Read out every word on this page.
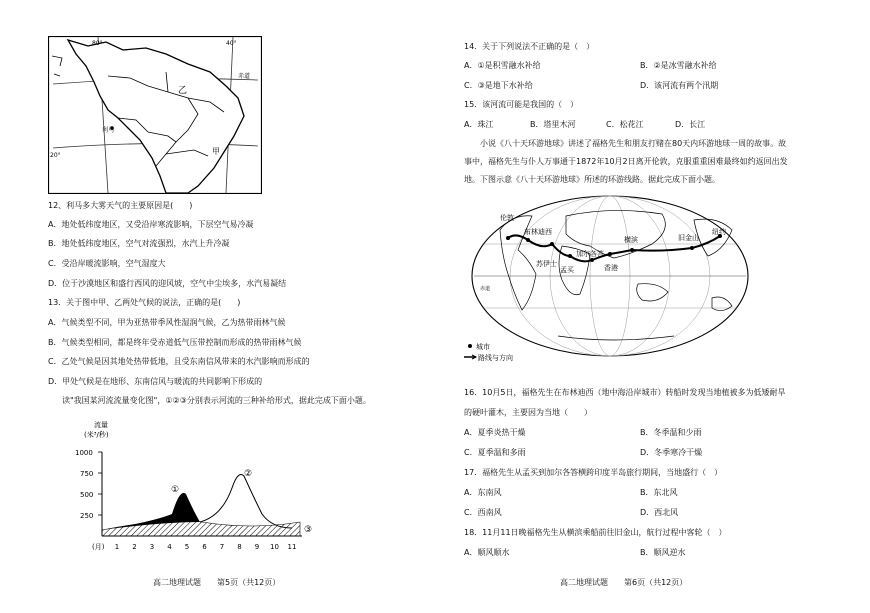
80°	40°
赤道
20°
乙
甲
利马
12、利马多大雾天气的主要原因是(　　)
A．地处低纬度地区，又受沿岸寒流影响，下层空气易冷凝
B．地处低纬度地区，空气对流强烈，水汽上升冷凝
C．受沿岸暖流影响，空气湿度大
D．位于沙漠地区和盛行西风的迎风坡，空气中尘埃多，水汽易凝结
13．关于图中甲、乙两处气候的说法，正确的是(　　)
A．气候类型不同，甲为亚热带季风性湿润气候，乙为热带雨林气候
B．气候类型相同，都是终年受赤道低气压带控制而形成的热带雨林气候
C．乙处气候是因其地处热带低地，且受东南信风带来的水汽影响而形成的
D．甲处气候是在地形、东南信风与暖流的共同影响下形成的
读"我国某河流流量变化图"，①②③分别表示河流的三种补给形式，据此完成下面小题。
流量
(米³/秒)
1000
750
500
250
(月) 1 2 3 4 5 6 7 8 9 10 11
①
②
③
高二地理试题　　第5页（共12页）
14．关于下列说法不正确的是（　）
A．①是积雪融水补给	B．②是冰雪融水补给
C．③是地下水补给	D．该河流有两个汛期
15．该河流可能是我国的（　）
A．珠江	B．塔里木河	C．松花江	D．长江
小说《八十天环游地球》讲述了福格先生和朋友打赌在80天内环游地球一周的故事。故
事中，福格先生与仆人万事通于1872年10月2日离开伦敦，克服重重困难最终如约返回出发
地。下图示意《八十天环游地球》所述的环游线路。据此完成下面小题。
伦敦
布林迪西
苏伊士
孟买
加尔各答
香港
横滨	旧金山
纽约
赤道
城市
路线与方向
16．10月5日，福格先生在布林迪西（地中海沿岸城市）转船时发现当地植被多为低矮耐旱
的硬叶灌木，主要因为当地（　　）
A．夏季炎热干燥	B．冬季温和少雨
C．夏季温和多雨	D．冬季寒冷干燥
17．福格先生从孟买到加尔各答横跨印度半岛旅行期间，当地盛行（　）
A．东南风	B．东北风
C．西南风	D．西北风
18．11月11日晚福格先生从横滨乘船前往旧金山，航行过程中客轮（　）
A．顺风顺水	B．顺风逆水
高二地理试题　　第6页（共12页）
